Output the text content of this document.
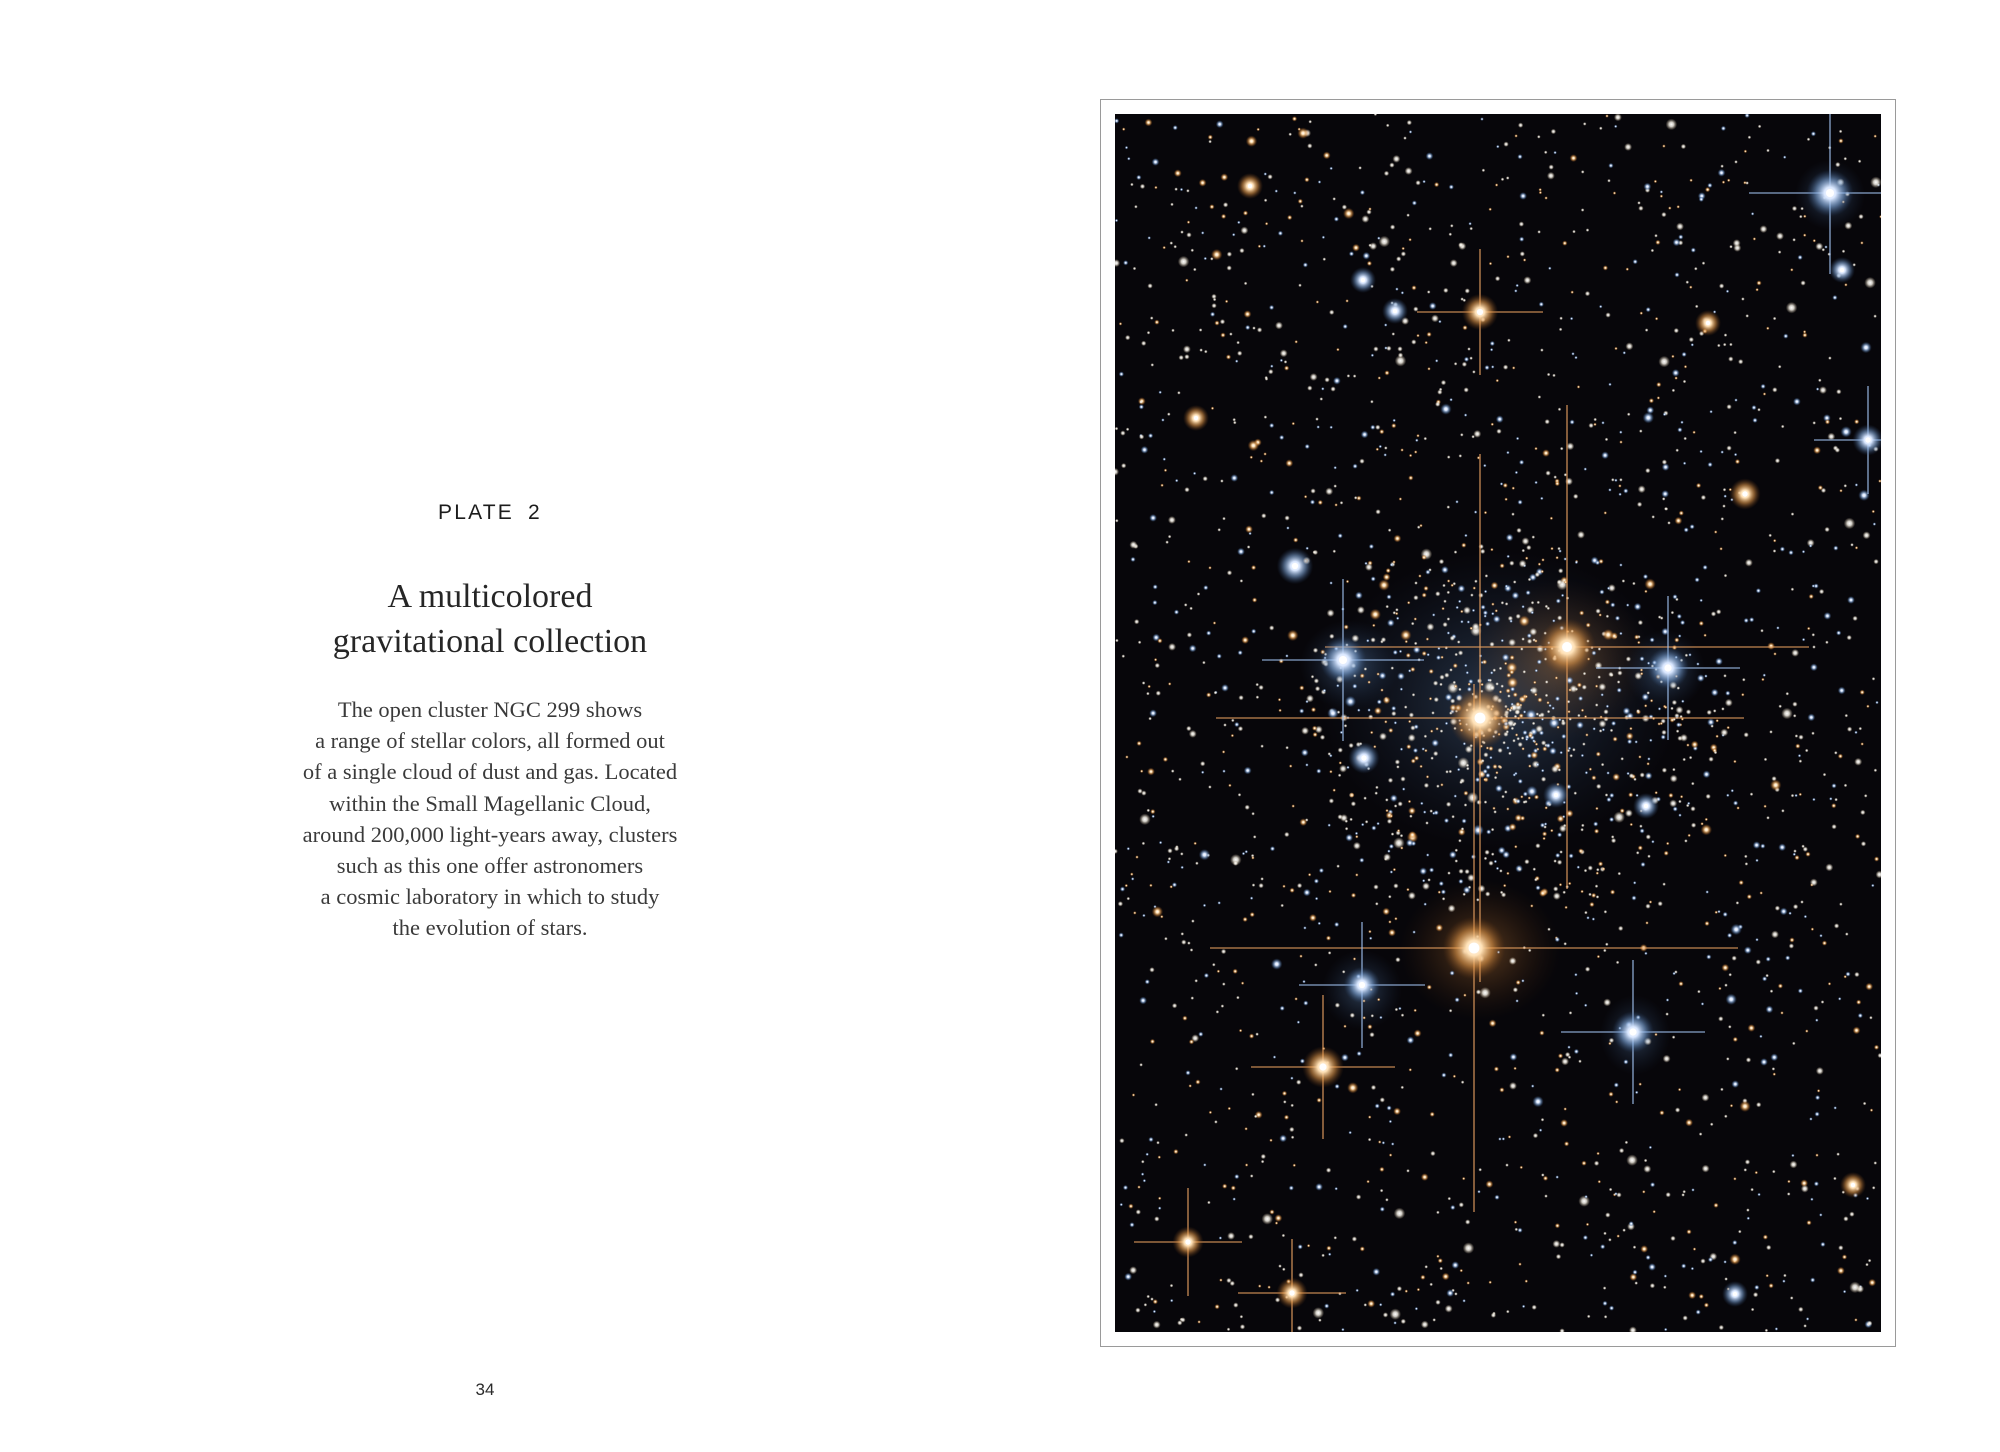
PLATE 2
A multicolored
gravitational collection
The open cluster NGC 299 shows
a range of stellar colors, all formed out
of a single cloud of dust and gas. Located
within the Small Magellanic Cloud,
around 200,000 light-years away, clusters
such as this one offer astronomers
a cosmic laboratory in which to study
the evolution of stars.
34
